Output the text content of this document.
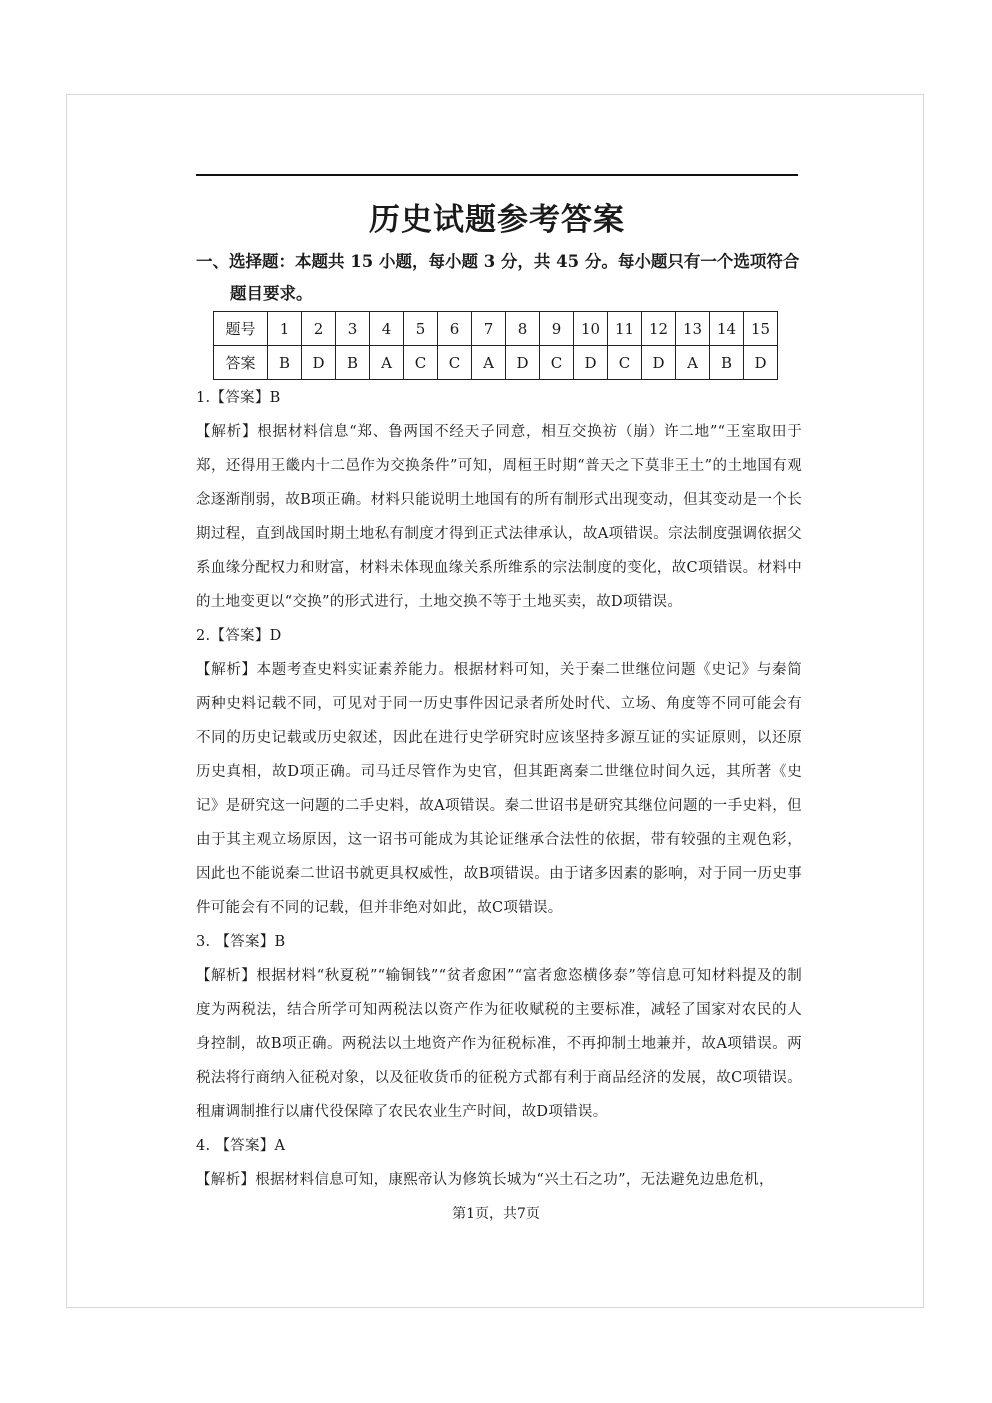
历史试题参考答案
一、选择题：本题共 15 小题，每小题 3 分，共 45 分。每小题只有一个选项符合
题目要求。
题号	1	2	3	4	5	6	7	8	9	10	11	12	13	14	15
答案	B	D	B	A	C	C	A	D	C	D	C	D	A	B	D

1.【答案】B

【解析】根据材料信息“郑、鲁两国不经天子同意，相互交换祊（崩）许二地”“王室取田于郑，还得用王畿内十二邑作为交换条件”可知，周桓王时期“普天之下莫非王土”的土地国有观念逐渐削弱，故B项正确。材料只能说明土地国有的所有制形式出现变动，但其变动是一个长期过程，直到战国时期土地私有制度才得到正式法律承认，故A项错误。宗法制度强调依据父系血缘分配权力和财富，材料未体现血缘关系所维系的宗法制度的变化，故C项错误。材料中的土地变更以“交换”的形式进行，土地交换不等于土地买卖，故D项错误。

2.【答案】D

【解析】本题考查史料实证素养能力。根据材料可知，关于秦二世继位问题《史记》与秦简两种史料记载不同，可见对于同一历史事件因记录者所处时代、立场、角度等不同可能会有不同的历史记载或历史叙述，因此在进行史学研究时应该坚持多源互证的实证原则，以还原历史真相，故D项正确。司马迁尽管作为史官，但其距离秦二世继位时间久远，其所著《史记》是研究这一问题的二手史料，故A项错误。秦二世诏书是研究其继位问题的一手史料，但由于其主观立场原因，这一诏书可能成为其论证继承合法性的依据，带有较强的主观色彩，因此也不能说秦二世诏书就更具权威性，故B项错误。由于诸多因素的影响，对于同一历史事件可能会有不同的记载，但并非绝对如此，故C项错误。

3. 【答案】B

【解析】根据材料“秋夏税”“输铜钱”“贫者愈困”“富者愈恣横侈泰”等信息可知材料提及的制度为两税法，结合所学可知两税法以资产作为征收赋税的主要标准，减轻了国家对农民的人身控制，故B项正确。两税法以土地资产作为征税标准，不再抑制土地兼并，故A项错误。两税法将行商纳入征税对象，以及征收货币的征税方式都有利于商品经济的发展，故C项错误。租庸调制推行以庸代役保障了农民农业生产时间，故D项错误。

4. 【答案】A

【解析】根据材料信息可知，康熙帝认为修筑长城为“兴土石之功”，无法避免边患危机，

第1页，共7页
